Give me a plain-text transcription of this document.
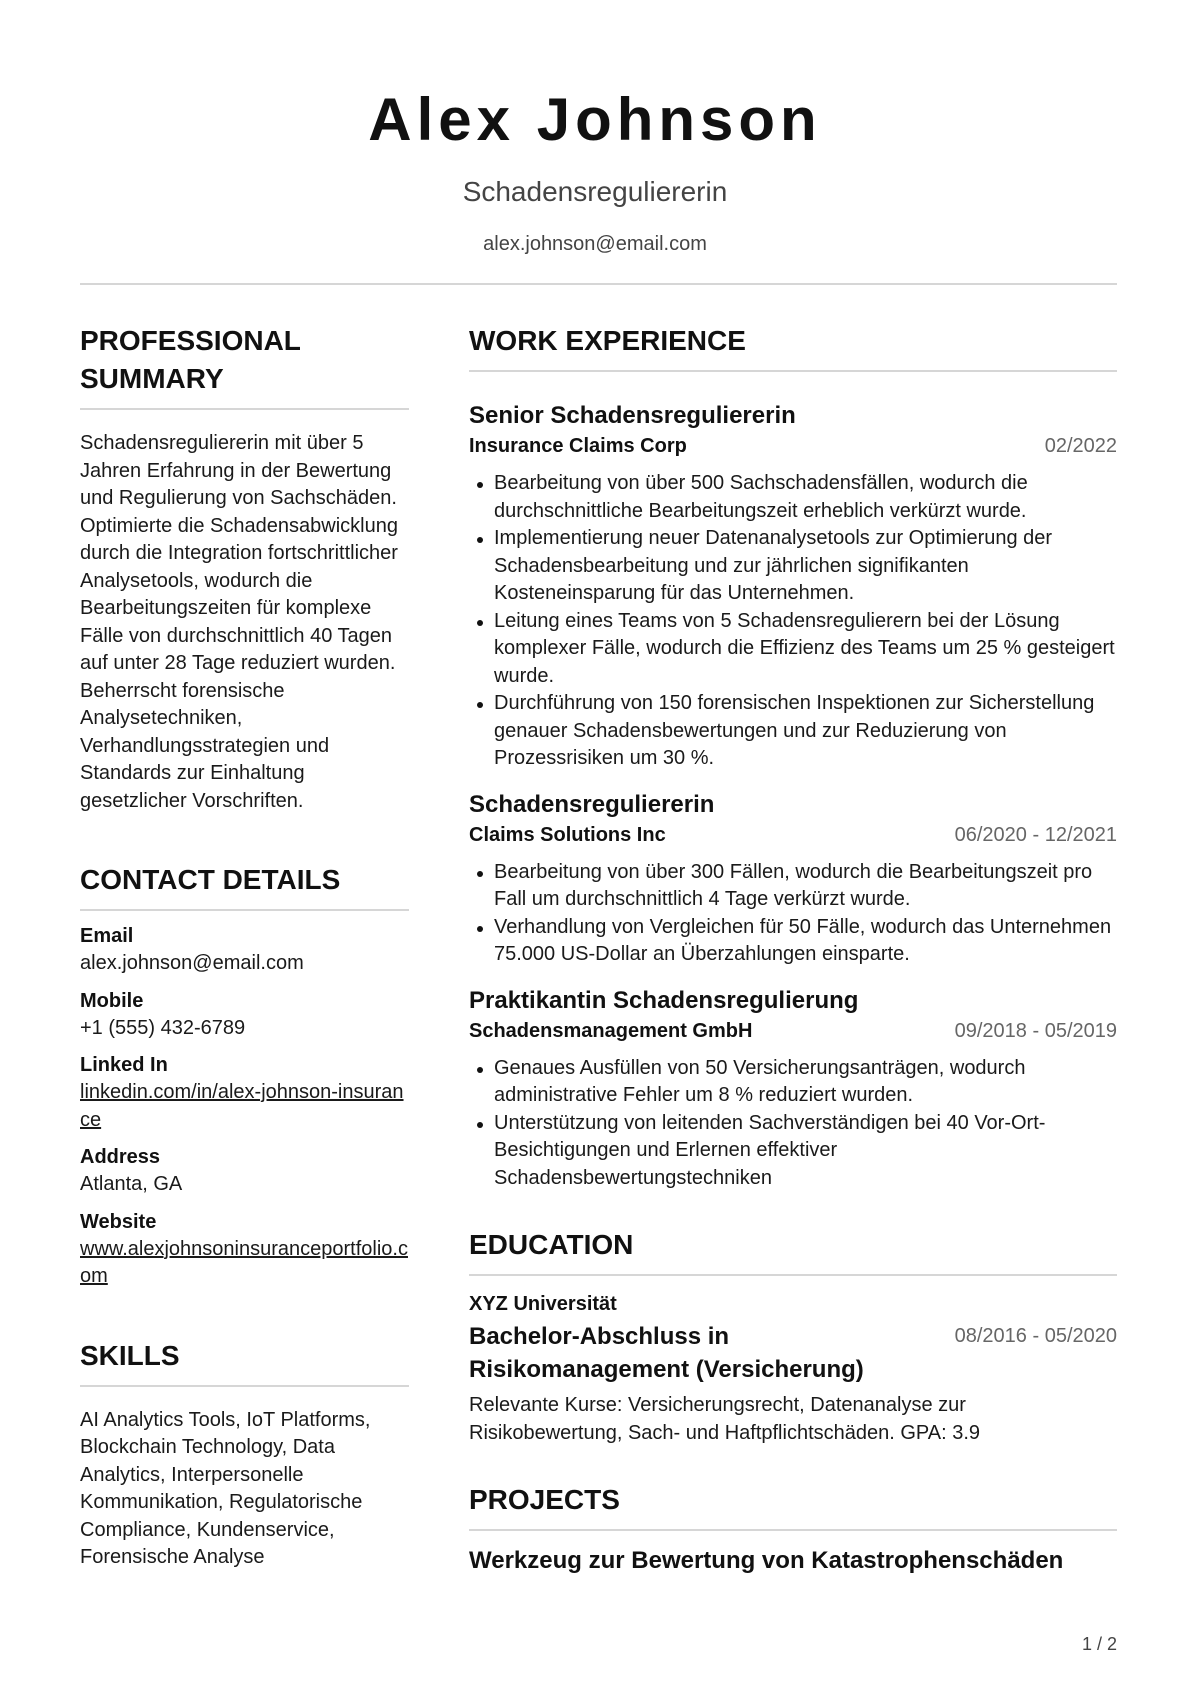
Alex Johnson
Schadensreguliererin
alex.johnson@email.com
PROFESSIONAL SUMMARY
Schadensreguliererin mit über 5 Jahren Erfahrung in der Bewertung und Regulierung von Sachschäden. Optimierte die Schadensabwicklung durch die Integration fortschrittlicher Analysetools, wodurch die Bearbeitungszeiten für komplexe Fälle von durchschnittlich 40 Tagen auf unter 28 Tage reduziert wurden. Beherrscht forensische Analysetechniken, Verhandlungsstrategien und Standards zur Einhaltung gesetzlicher Vorschriften.
CONTACT DETAILS
Email
alex.johnson@email.com
Mobile
+1 (555) 432-6789
Linked In
linkedin.com/in/alex-johnson-insurance
Address
Atlanta, GA
Website
www.alexjohnsoninsuranceportfolio.com
SKILLS
AI Analytics Tools, IoT Platforms, Blockchain Technology, Data Analytics, Interpersonelle Kommunikation, Regulatorische Compliance, Kundenservice, Forensische Analyse
WORK EXPERIENCE
Senior Schadensreguliererin
Insurance Claims Corp	02/2022
Bearbeitung von über 500 Sachschadensfällen, wodurch die durchschnittliche Bearbeitungszeit erheblich verkürzt wurde.
Implementierung neuer Datenanalysetools zur Optimierung der Schadensbearbeitung und zur jährlichen signifikanten Kosteneinsparung für das Unternehmen.
Leitung eines Teams von 5 Schadensregulierern bei der Lösung komplexer Fälle, wodurch die Effizienz des Teams um 25 % gesteigert wurde.
Durchführung von 150 forensischen Inspektionen zur Sicherstellung genauer Schadensbewertungen und zur Reduzierung von Prozessrisiken um 30 %.
Schadensreguliererin
Claims Solutions Inc	06/2020 - 12/2021
Bearbeitung von über 300 Fällen, wodurch die Bearbeitungszeit pro Fall um durchschnittlich 4 Tage verkürzt wurde.
Verhandlung von Vergleichen für 50 Fälle, wodurch das Unternehmen 75.000 US-Dollar an Überzahlungen einsparte.
Praktikantin Schadensregulierung
Schadensmanagement GmbH	09/2018 - 05/2019
Genaues Ausfüllen von 50 Versicherungsanträgen, wodurch administrative Fehler um 8 % reduziert wurden.
Unterstützung von leitenden Sachverständigen bei 40 Vor-Ort-Besichtigungen und Erlernen effektiver Schadensbewertungstechniken
EDUCATION
XYZ Universität
Bachelor-Abschluss in Risikomanagement (Versicherung)
08/2016 - 05/2020
Relevante Kurse: Versicherungsrecht, Datenanalyse zur Risikobewertung, Sach- und Haftpflichtschäden. GPA: 3.9
PROJECTS
Werkzeug zur Bewertung von Katastrophenschäden
1 / 2
